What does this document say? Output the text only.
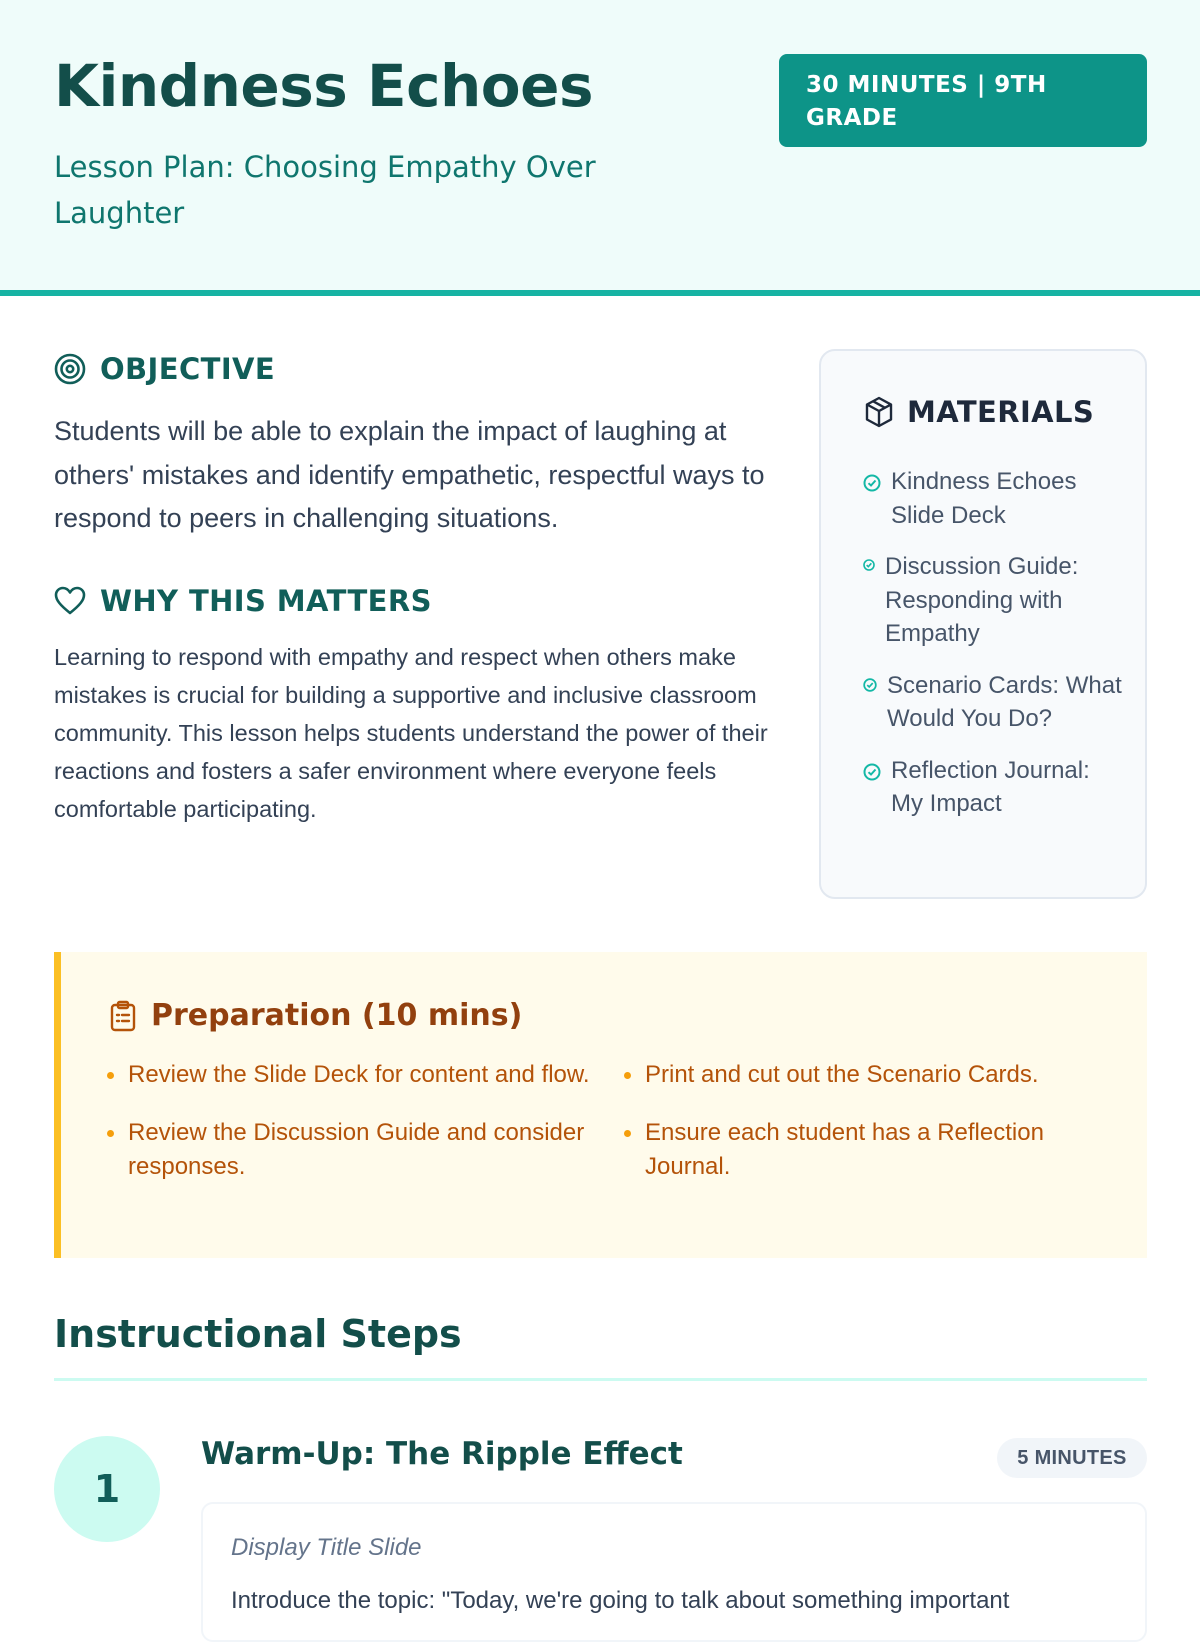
Kindness Echoes
Lesson Plan: Choosing Empathy Over Laughter
30 MINUTES | 9TH GRADE
OBJECTIVE

Students will be able to explain the impact of laughing at others' mistakes and identify empathetic, respectful ways to respond to peers in challenging situations.

WHY THIS MATTERS

Learning to respond with empathy and respect when others make mistakes is crucial for building a supportive and inclusive classroom community. This lesson helps students understand the power of their reactions and fosters a safer environment where everyone feels comfortable participating.

MATERIALS
Kindness Echoes Slide Deck
Discussion Guide: Responding with Empathy
Scenario Cards: What Would You Do?
Reflection Journal: My Impact
Preparation (10 mins)
Review the Slide Deck for content and flow. Print and cut out the Scenario Cards.
Review the Discussion Guide and consider responses.
Ensure each student has a Reflection Journal.
Instructional Steps
1
Warm-Up: The Ripple Effect	5 MINUTES
Display Title Slide
Introduce the topic: "Today, we're going to talk about something important
